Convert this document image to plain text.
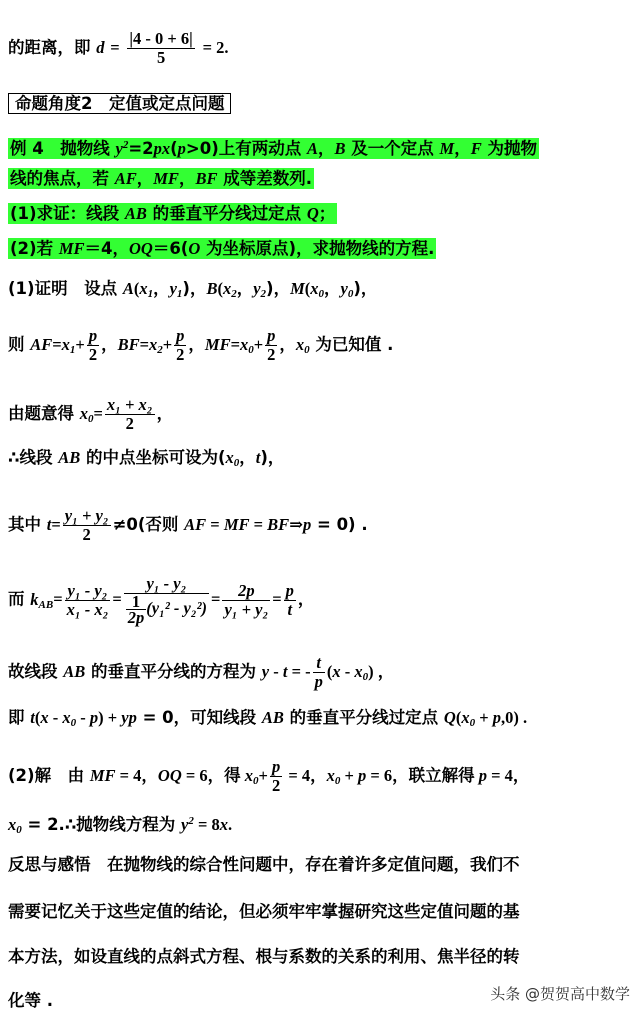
的距离，即 $d = \frac{|4 - 0 + 6|}{5} = 2$.
命题角度2　定值或定点问题
例 4　抛物线 $y^2=2px(p>0)$上有两动点 A，B 及一个定点 M，F 为抛物
线的焦点，若 AF，MF，BF 成等差数列.
(1)求证：线段 AB 的垂直平分线过定点 Q；
(2)若 MF＝4，OQ＝6(O 为坐标原点)，求抛物线的方程.
(1)证明　设点 $A(x_1$，$y_1$)，$B(x_2$，$y_2$)，$M(x_0$，$y_0$)，
则 $AF=x_1+ \frac{p}{2}$ ，$BF=x_2+ \frac{p}{2}$ ，$MF=x_0+ \frac{p}{2}$ ，$x_0$ 为已知值 .
由题意得 $x_0= \frac{\text{x₁ + x₂}}{2}$ ，
∴线段 AB 的中点坐标可设为($x_0$，t)，
其中 $t= \frac{\text{y₁ + y₂}}{2} \ne 0$(否则 AF = MF = BF⇒p = 0) .
而 $k_{AB}= \frac{\text{y₁ - y₂}}{\text{x₁ - x₂}} = \frac{\text{y₁ - y₂}}{\frac{1}{2p} (y_1^2 - y_2^2)} = \frac{2p}{\text{y₁ + y₂}} = \frac{p}{t}$ ，
故线段 AB 的垂直平分线的方程为 y - t = - $\frac{t}{p} (x - x_0)$ ，
即 $t(x - x_0 - p)$ + yp = 0，可知线段 AB 的垂直平分线过定点 $Q(x_0 + p,0)$ .
(2)解　由 MF = 4，OQ = 6，得 $x_0+ \frac{p}{2} = 4$，$x_0 + p = 6$，联立解得 p = 4，
$x_0$ = 2.∴抛物线方程为 $y^2 = 8x$.
反思与感悟　在抛物线的综合性问题中，存在着许多定值问题，我们不
需要记忆关于这些定值的结论，但必须牢牢掌握研究这些定值问题的基
本方法，如设直线的点斜式方程、根与系数的关系的利用、焦半径的转
化等 .	头条 @贺贺高中数学
